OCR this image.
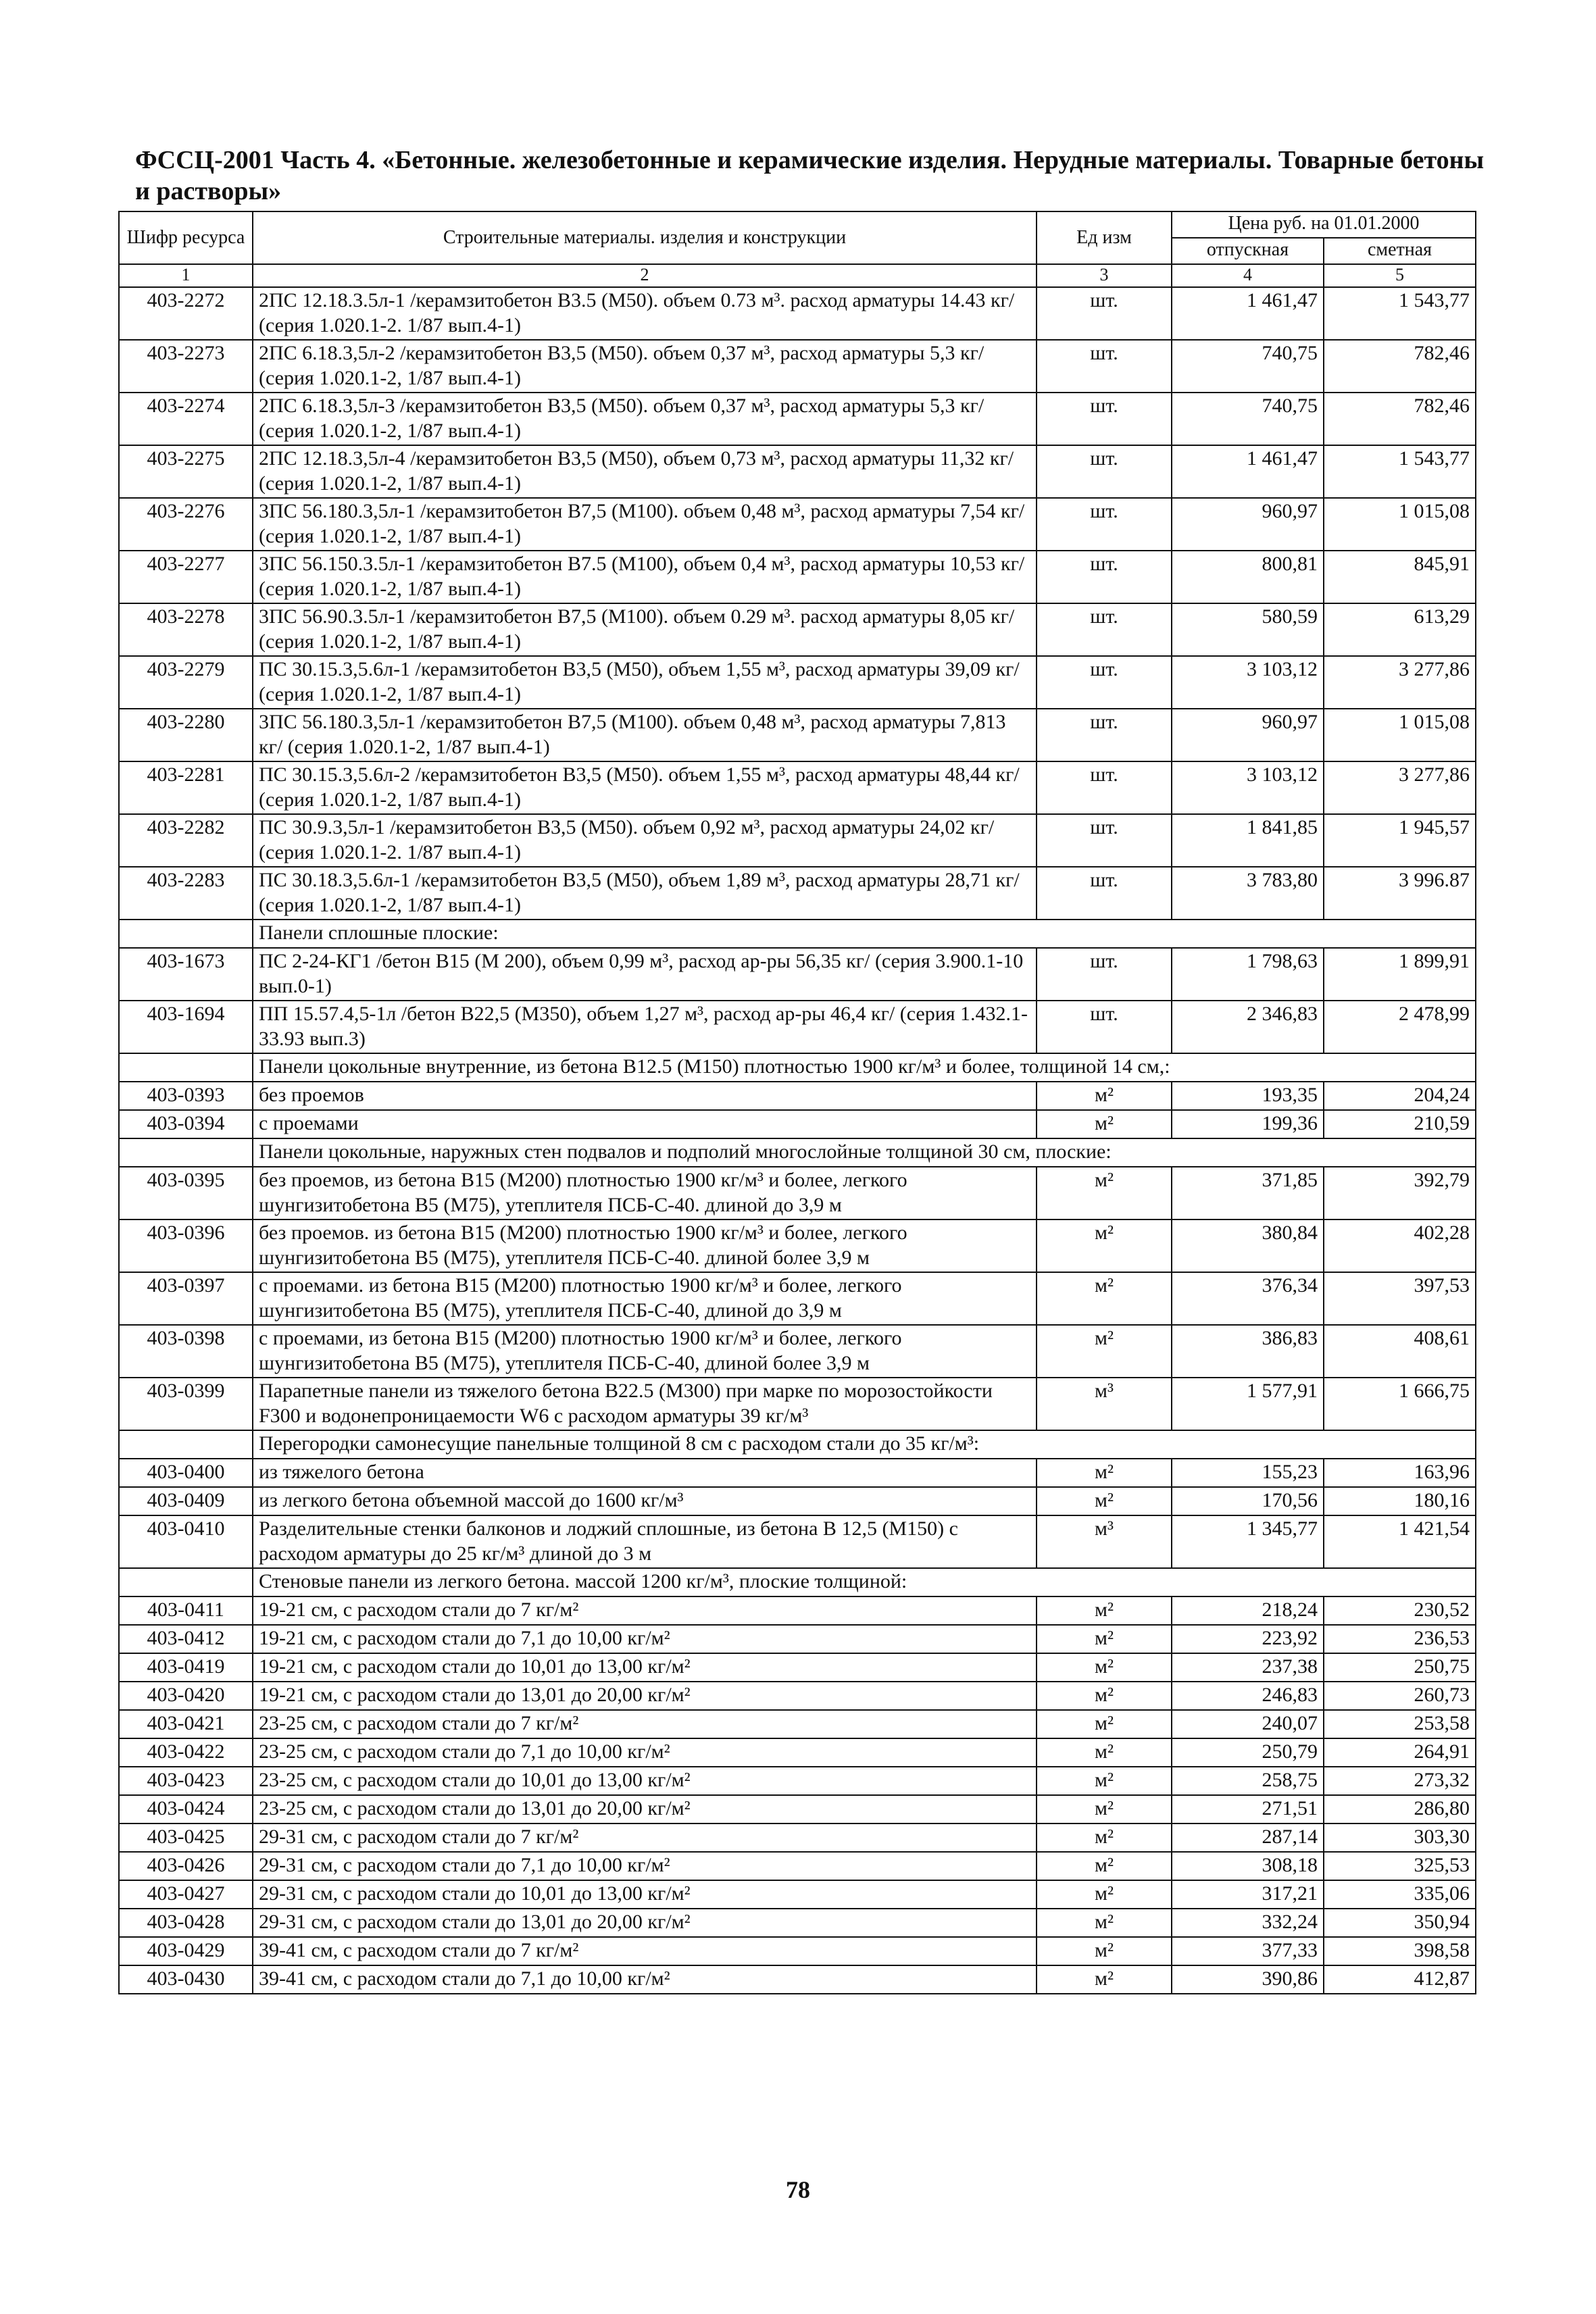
ФССЦ-2001 Часть 4. «Бетонные. железобетонные и керамические изделия. Нерудные материалы. Товарные бетоны и растворы»
Шифр ресурса	Строительные материалы. изделия и конструкции	Ед изм	Цена руб. на 01.01.2000	
			отпускная	сметная
1	2	3	4	5
403-2272	2ПС 12.18.3.5л-1 /керамзитобетон B3.5 (M50). объем 0.73 м³. расход арматуры 14.43 кг/ (серия 1.020.1-2. 1/87 вып.4-1)	шт.	1 461,47	1 543,77
403-2273	2ПС 6.18.3,5л-2 /керамзитобетон B3,5 (M50). объем 0,37 м³, расход арматуры 5,3 кг/ (серия 1.020.1-2, 1/87 вып.4-1)	шт.	740,75	782,46
403-2274	2ПС 6.18.3,5л-3 /керамзитобетон B3,5 (M50). объем 0,37 м³, расход арматуры 5,3 кг/ (серия 1.020.1-2, 1/87 вып.4-1)	шт.	740,75	782,46
403-2275	2ПС 12.18.3,5л-4 /керамзитобетон B3,5 (M50), объем 0,73 м³, расход арматуры 11,32 кг/ (серия 1.020.1-2, 1/87 вып.4-1)	шт.	1 461,47	1 543,77
403-2276	3ПС 56.180.3,5л-1 /керамзитобетон B7,5 (M100). объем 0,48 м³, расход арматуры 7,54 кг/ (серия 1.020.1-2, 1/87 вып.4-1)	шт.	960,97	1 015,08
403-2277	3ПС 56.150.3.5л-1 /керамзитобетон B7.5 (M100), объем 0,4 м³, расход арматуры 10,53 кг/ (серия 1.020.1-2, 1/87 вып.4-1)	шт.	800,81	845,91
403-2278	3ПС 56.90.3.5л-1 /керамзитобетон B7,5 (M100). объем 0.29 м³. расход арматуры 8,05 кг/ (серия 1.020.1-2, 1/87 вып.4-1)	шт.	580,59	613,29
403-2279	ПС 30.15.3,5.6л-1 /керамзитобетон B3,5 (M50), объем 1,55 м³, расход арматуры 39,09 кг/ (серия 1.020.1-2, 1/87 вып.4-1)	шт.	3 103,12	3 277,86
403-2280	3ПС 56.180.3,5л-1 /керамзитобетон B7,5 (M100). объем 0,48 м³, расход арматуры 7,813 кг/ (серия 1.020.1-2, 1/87 вып.4-1)	шт.	960,97	1 015,08
403-2281	ПС 30.15.3,5.6л-2 /керамзитобетон B3,5 (M50). объем 1,55 м³, расход арматуры 48,44 кг/ (серия 1.020.1-2, 1/87 вып.4-1)	шт.	3 103,12	3 277,86
403-2282	ПС 30.9.3,5л-1 /керамзитобетон B3,5 (M50). объем 0,92 м³, расход арматуры 24,02 кг/ (серия 1.020.1-2. 1/87 вып.4-1)	шт.	1 841,85	1 945,57
403-2283	ПС 30.18.3,5.6л-1 /керамзитобетон B3,5 (M50), объем 1,89 м³, расход арматуры 28,71 кг/ (серия 1.020.1-2, 1/87 вып.4-1)	шт.	3 783,80	3 996.87
	Панели сплошные плоские:			
403-1673	ПС 2-24-КГ1 /бетон B15 (M 200), объем 0,99 м³, расход ар-ры 56,35 кг/ (серия 3.900.1-10 вып.0-1)	шт.	1 798,63	1 899,91
403-1694	ПП 15.57.4,5-1л /бетон B22,5 (M350), объем 1,27 м³, расход ар-ры 46,4 кг/ (серия 1.432.1-33.93 вып.3)	шт.	2 346,83	2 478,99
	Панели цокольные внутренние, из бетона B12.5 (M150) плотностью 1900 кг/м³ и более, толщиной 14 см,:			
403-0393	без проемов	м²	193,35	204,24
403-0394	с проемами	м²	199,36	210,59
	Панели цокольные, наружных стен подвалов и подполий многослойные толщиной 30 см, плоские:			
403-0395	без проемов, из бетона B15 (M200) плотностью 1900 кг/м³ и более, легкого шунгизитобетона B5 (M75), утеплителя ПСБ-С-40. длиной до 3,9 м	м²	371,85	392,79
403-0396	без проемов. из бетона B15 (M200) плотностью 1900 кг/м³ и более, легкого шунгизитобетона B5 (M75), утеплителя ПСБ-С-40. длиной более 3,9 м	м²	380,84	402,28
403-0397	с проемами. из бетона B15 (M200) плотностью 1900 кг/м³ и более, легкого шунгизитобетона B5 (M75), утеплителя ПСБ-С-40, длиной до 3,9 м	м²	376,34	397,53
403-0398	с проемами, из бетона B15 (M200) плотностью 1900 кг/м³ и более, легкого шунгизитобетона B5 (M75), утеплителя ПСБ-С-40, длиной более 3,9 м	м²	386,83	408,61
403-0399	Парапетные панели из тяжелого бетона B22.5 (M300) при марке по морозостойкости F300 и водонепроницаемости W6 с расходом арматуры 39 кг/м³	м³	1 577,91	1 666,75
	Перегородки самонесущие панельные толщиной 8 см с расходом стали до 35 кг/м³:			
403-0400	из тяжелого бетона	м²	155,23	163,96
403-0409	из легкого бетона объемной массой до 1600 кг/м³	м²	170,56	180,16
403-0410	Разделительные стенки балконов и лоджий сплошные, из бетона B 12,5 (M150) с расходом арматуры до 25 кг/м³ длиной до 3 м	м³	1 345,77	1 421,54
	Стеновые панели из легкого бетона. массой 1200 кг/м³, плоские толщиной:			
403-0411	19-21 см, с расходом стали до 7 кг/м²	м²	218,24	230,52
403-0412	19-21 см, с расходом стали до 7,1 до 10,00 кг/м²	м²	223,92	236,53
403-0419	19-21 см, с расходом стали до 10,01 до 13,00 кг/м²	м²	237,38	250,75
403-0420	19-21 см, с расходом стали до 13,01 до 20,00 кг/м²	м²	246,83	260,73
403-0421	23-25 см, с расходом стали до 7 кг/м²	м²	240,07	253,58
403-0422	23-25 см, с расходом стали до 7,1 до 10,00 кг/м²	м²	250,79	264,91
403-0423	23-25 см, с расходом стали до 10,01 до 13,00 кг/м²	м²	258,75	273,32
403-0424	23-25 см, с расходом стали до 13,01 до 20,00 кг/м²	м²	271,51	286,80
403-0425	29-31 см, с расходом стали до 7 кг/м²	м²	287,14	303,30
403-0426	29-31 см, с расходом стали до 7,1 до 10,00 кг/м²	м²	308,18	325,53
403-0427	29-31 см, с расходом стали до 10,01 до 13,00 кг/м²	м²	317,21	335,06
403-0428	29-31 см, с расходом стали до 13,01 до 20,00 кг/м²	м²	332,24	350,94
403-0429	39-41 см, с расходом стали до 7 кг/м²	м²	377,33	398,58
403-0430	39-41 см, с расходом стали до 7,1 до 10,00 кг/м²	м²	390,86	412,87
78
